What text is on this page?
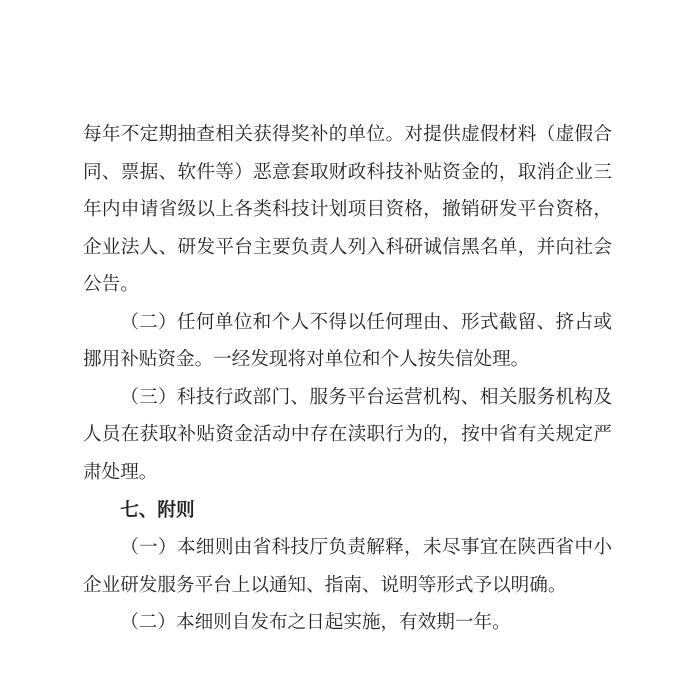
每年不定期抽查相关获得奖补的单位。对提供虚假材料（虚假合
同、票据、软件等）恶意套取财政科技补贴资金的，取消企业三
年内申请省级以上各类科技计划项目资格，撤销研发平台资格，
企业法人、研发平台主要负责人列入科研诚信黑名单，并向社会
公告。
（二）任何单位和个人不得以任何理由、形式截留、挤占或
挪用补贴资金。一经发现将对单位和个人按失信处理。
（三）科技行政部门、服务平台运营机构、相关服务机构及
人员在获取补贴资金活动中存在渎职行为的，按中省有关规定严
肃处理。
七、附则
（一）本细则由省科技厅负责解释，未尽事宜在陕西省中小
企业研发服务平台上以通知、指南、说明等形式予以明确。
（二）本细则自发布之日起实施，有效期一年。
